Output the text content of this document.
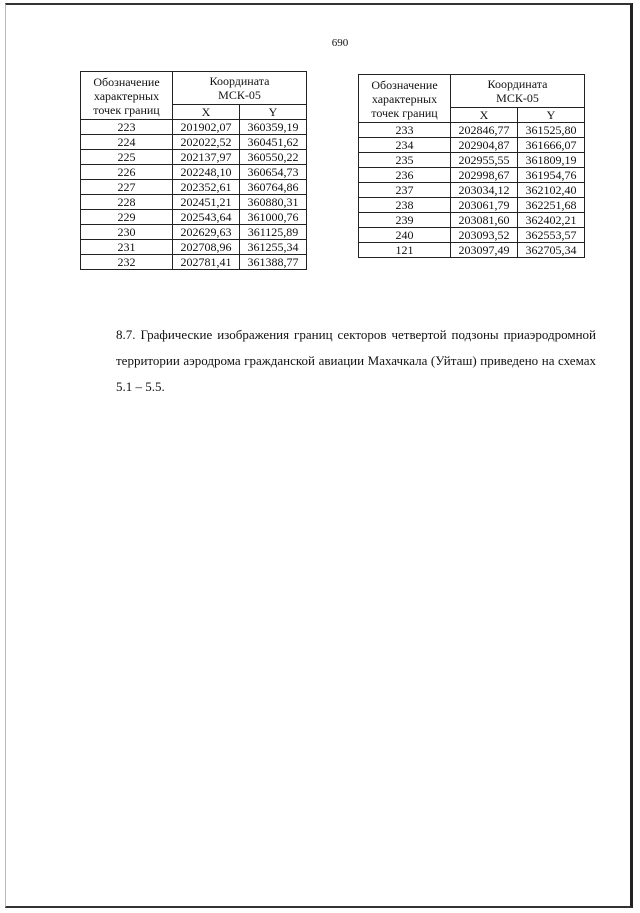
690
Обозначение характерных точек границ	Координата МСК-05	
	X	Y
223	201902,07	360359,19
224	202022,52	360451,62
225	202137,97	360550,22
226	202248,10	360654,73
227	202352,61	360764,86
228	202451,21	360880,31
229	202543,64	361000,76
230	202629,63	361125,89
231	202708,96	361255,34
232	202781,41	361388,77
Обозначение характерных точек границ	Координата МСК-05	
	X	Y
233	202846,77	361525,80
234	202904,87	361666,07
235	202955,55	361809,19
236	202998,67	361954,76
237	203034,12	362102,40
238	203061,79	362251,68
239	203081,60	362402,21
240	203093,52	362553,57
121	203097,49	362705,34
8.7. Графические изображения границ секторов четвертой подзоны приаэродромной территории аэродрома гражданской авиации Махачкала (Уйташ) приведено на схемах 5.1 – 5.5.
